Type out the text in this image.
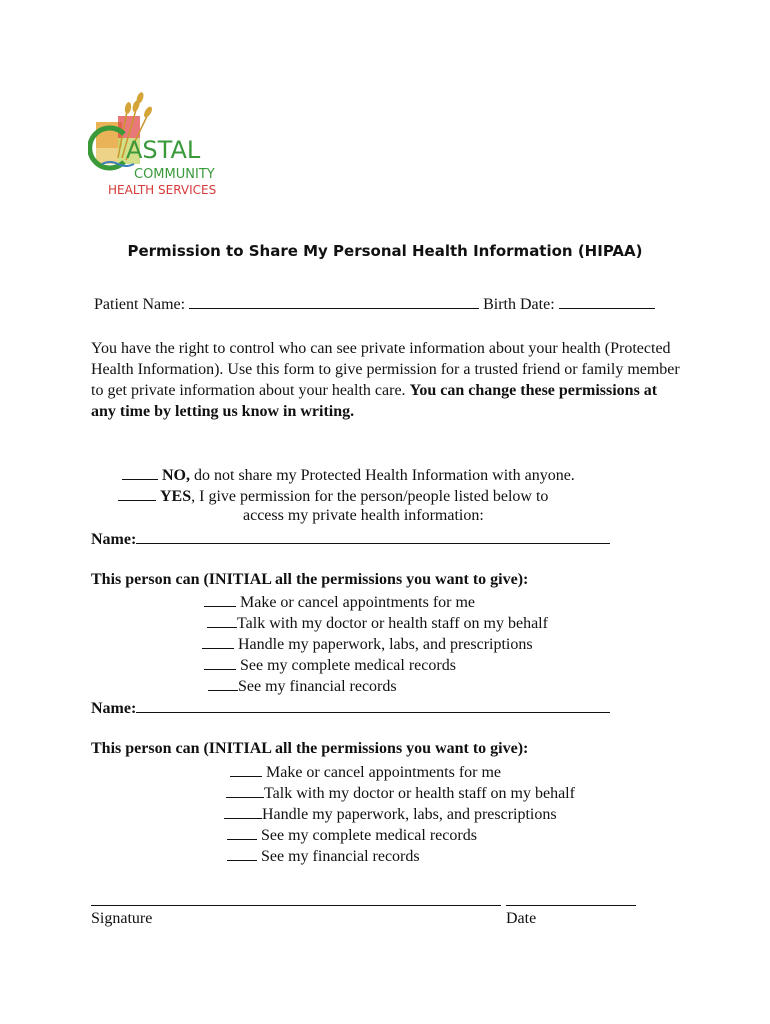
ASTAL
COMMUNITY
HEALTH SERVICES
Permission to Share My Personal Health Information (HIPAA)
Patient Name:	Birth Date:
You have the right to control who can see private information about your health (Protected Health Information). Use this form to give permission for a trusted friend or family member to get private information about your health care. You can change these permissions at any time by letting us know in writing.
NO, do not share my Protected Health Information with anyone.
YES, I give permission for the person/people listed below to
access my private health information:
Name:
This person can (INITIAL all the permissions you want to give):
Make or cancel appointments for me
Talk with my doctor or health staff on my behalf
Handle my paperwork, labs, and prescriptions
See my complete medical records
See my financial records
Name:
This person can (INITIAL all the permissions you want to give):
Make or cancel appointments for me
Talk with my doctor or health staff on my behalf
Handle my paperwork, labs, and prescriptions
See my complete medical records
See my financial records
Signature	Date
